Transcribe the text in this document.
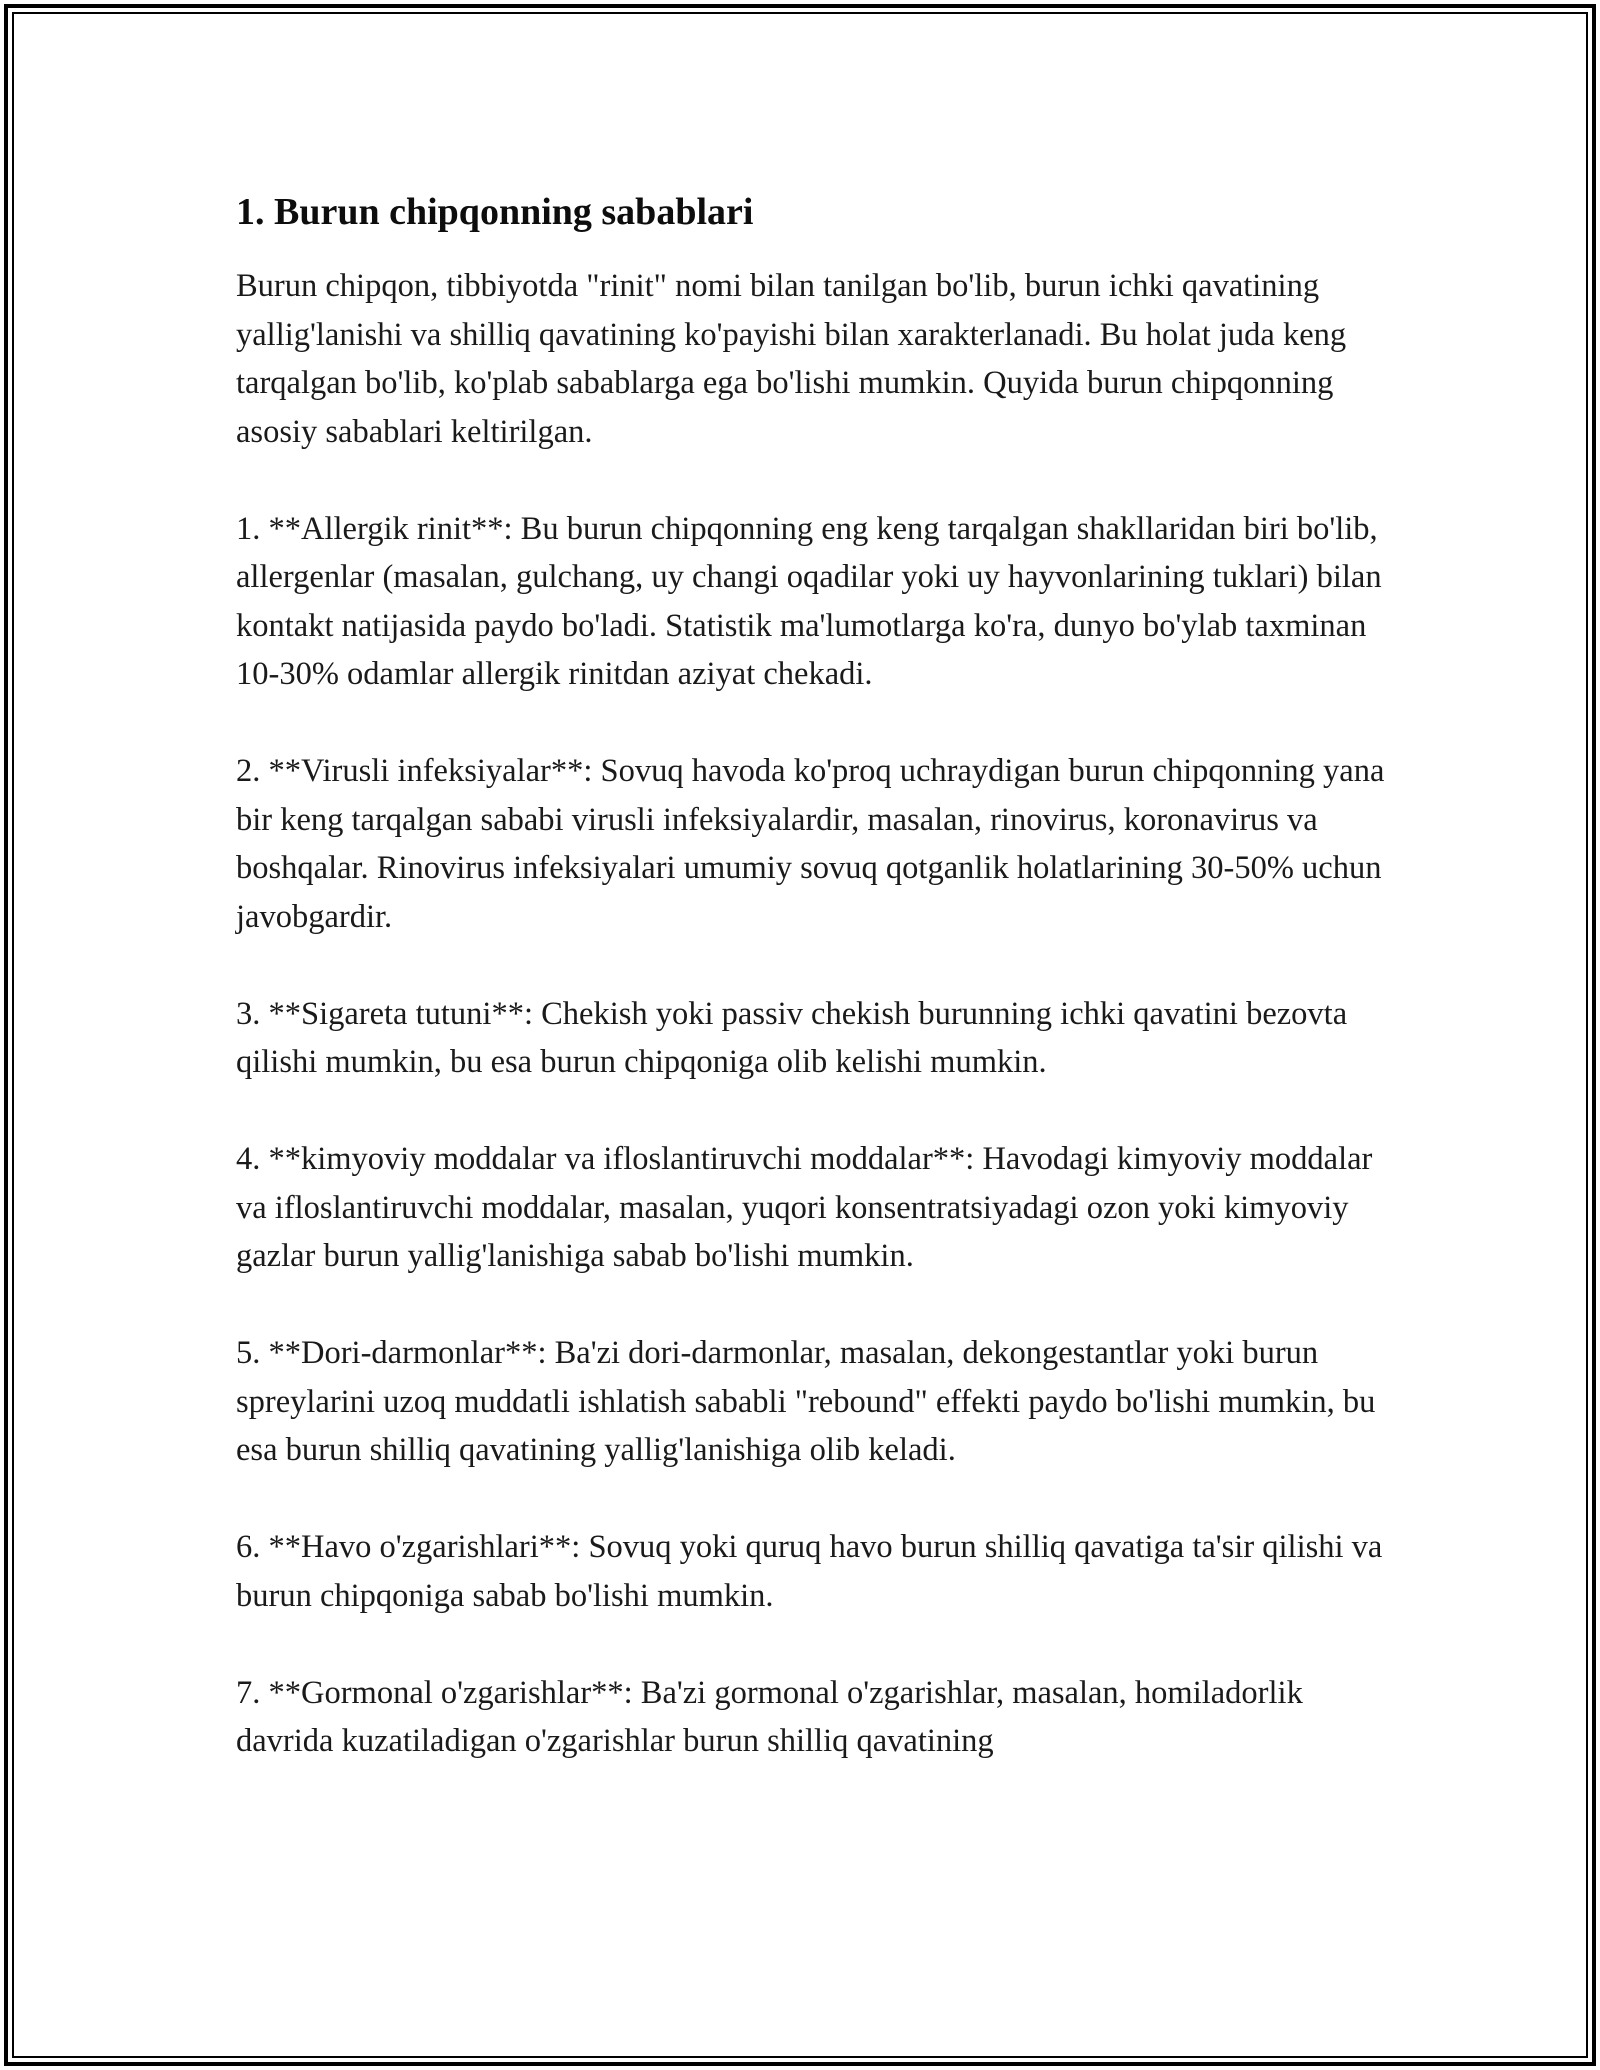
1. Burun chipqonning sabablari

Burun chipqon, tibbiyotda "rinit" nomi bilan tanilgan bo'lib, burun ichki qavatining yallig'lanishi va shilliq qavatining ko'payishi bilan xarakterlanadi. Bu holat juda keng tarqalgan bo'lib, ko'plab sabablarga ega bo'lishi mumkin. Quyida burun chipqonning asosiy sabablari keltirilgan.

1. **Allergik rinit**: Bu burun chipqonning eng keng tarqalgan shakllaridan biri bo'lib, allergenlar (masalan, gulchang, uy changi oqadilar yoki uy hayvonlarining tuklari) bilan kontakt natijasida paydo bo'ladi. Statistik ma'lumotlarga ko'ra, dunyo bo'ylab taxminan 10-30% odamlar allergik rinitdan aziyat chekadi.

2. **Virusli infeksiyalar**: Sovuq havoda ko'proq uchraydigan burun chipqonning yana bir keng tarqalgan sababi virusli infeksiyalardir, masalan, rinovirus, koronavirus va boshqalar. Rinovirus infeksiyalari umumiy sovuq qotganlik holatlarining 30-50% uchun javobgardir.

3. **Sigareta tutuni**: Chekish yoki passiv chekish burunning ichki qavatini bezovta qilishi mumkin, bu esa burun chipqoniga olib kelishi mumkin.

4. **kimyoviy moddalar va ifloslantiruvchi moddalar**: Havodagi kimyoviy moddalar va ifloslantiruvchi moddalar, masalan, yuqori konsentratsiyadagi ozon yoki kimyoviy gazlar burun yallig'lanishiga sabab bo'lishi mumkin.

5. **Dori-darmonlar**: Ba'zi dori-darmonlar, masalan, dekongestantlar yoki burun spreylarini uzoq muddatli ishlatish sababli "rebound" effekti paydo bo'lishi mumkin, bu esa burun shilliq qavatining yallig'lanishiga olib keladi.

6. **Havo o'zgarishlari**: Sovuq yoki quruq havo burun shilliq qavatiga ta'sir qilishi va burun chipqoniga sabab bo'lishi mumkin.

7. **Gormonal o'zgarishlar**: Ba'zi gormonal o'zgarishlar, masalan, homiladorlik davrida kuzatiladigan o'zgarishlar burun shilliq qavatining
